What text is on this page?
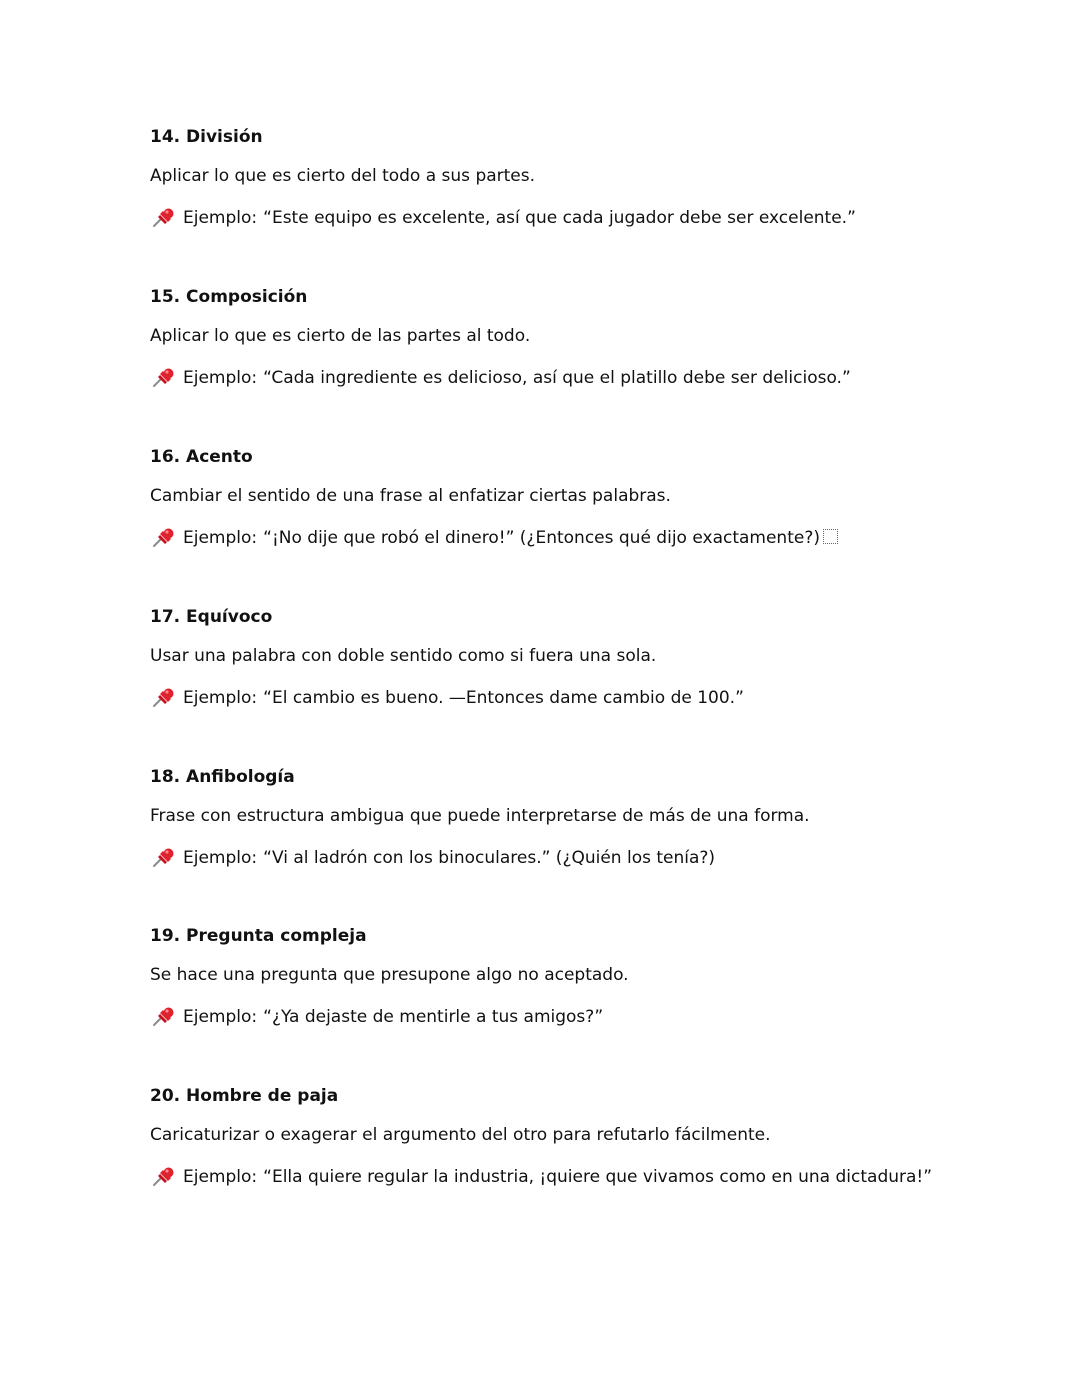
14. División
Aplicar lo que es cierto del todo a sus partes.
Ejemplo: “Este equipo es excelente, así que cada jugador debe ser excelente.”
15. Composición
Aplicar lo que es cierto de las partes al todo.
Ejemplo: “Cada ingrediente es delicioso, así que el platillo debe ser delicioso.”
16. Acento
Cambiar el sentido de una frase al enfatizar ciertas palabras.
Ejemplo: “¡No dije que robó el dinero!” (¿Entonces qué dijo exactamente?)
17. Equívoco
Usar una palabra con doble sentido como si fuera una sola.
Ejemplo: “El cambio es bueno. —Entonces dame cambio de 100.”
18. Anfibología
Frase con estructura ambigua que puede interpretarse de más de una forma.
Ejemplo: “Vi al ladrón con los binoculares.” (¿Quién los tenía?)
19. Pregunta compleja
Se hace una pregunta que presupone algo no aceptado.
Ejemplo: “¿Ya dejaste de mentirle a tus amigos?”
20. Hombre de paja
Caricaturizar o exagerar el argumento del otro para refutarlo fácilmente.
Ejemplo: “Ella quiere regular la industria, ¡quiere que vivamos como en una dictadura!”
